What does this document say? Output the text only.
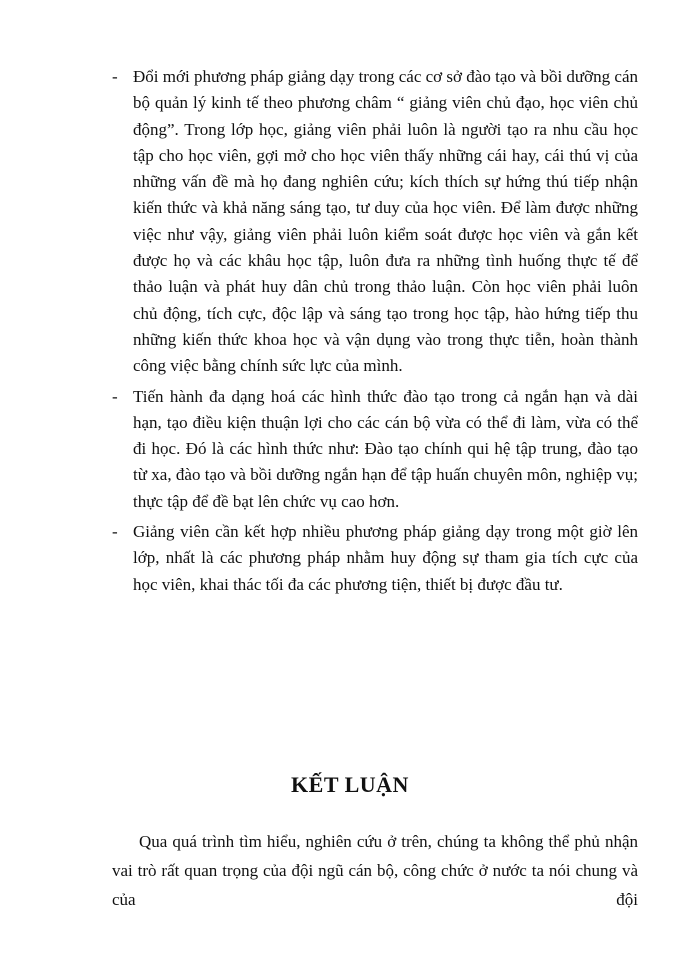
- Đổi mới phương pháp giảng dạy trong các cơ sở đào tạo và bồi dưỡng cán bộ quản lý kinh tế theo phương châm “ giảng viên chủ đạo, học viên chủ động”. Trong lớp học, giảng viên phải luôn là người tạo ra nhu cầu học tập cho học viên, gợi mở cho học viên thấy những cái hay, cái thú vị của những vấn đề mà họ đang nghiên cứu; kích thích sự hứng thú tiếp nhận kiến thức và khả năng sáng tạo, tư duy của học viên. Để làm được những việc như vậy, giảng viên phải luôn kiểm soát được học viên và gắn kết được họ và các khâu học tập, luôn đưa ra những tình huống thực tế để thảo luận và phát huy dân chủ trong thảo luận. Còn học viên phải luôn chủ động, tích cực, độc lập và sáng tạo trong học tập, hào hứng tiếp thu những kiến thức khoa học và vận dụng vào trong thực tiễn, hoàn thành công việc bằng chính sức lực của mình.
- Tiến hành đa dạng hoá các hình thức đào tạo trong cả ngắn hạn và dài hạn, tạo điều kiện thuận lợi cho các cán bộ vừa có thể đi làm, vừa có thể đi học. Đó là các hình thức như: Đào tạo chính qui hệ tập trung, đào tạo từ xa, đào tạo và bồi dưỡng ngắn hạn để tập huấn chuyên môn, nghiệp vụ; thực tập để đề bạt lên chức vụ cao hơn.
- Giảng viên cần kết hợp nhiều phương pháp giảng dạy trong một giờ lên lớp, nhất là các phương pháp nhằm huy động sự tham gia tích cực của học viên, khai thác tối đa các phương tiện, thiết bị được đầu tư.
KẾT LUẬN

Qua quá trình tìm hiểu, nghiên cứu ở trên, chúng ta không thể phủ nhận vai trò rất quan trọng của đội ngũ cán bộ, công chức ở nước ta nói chung và của đội
